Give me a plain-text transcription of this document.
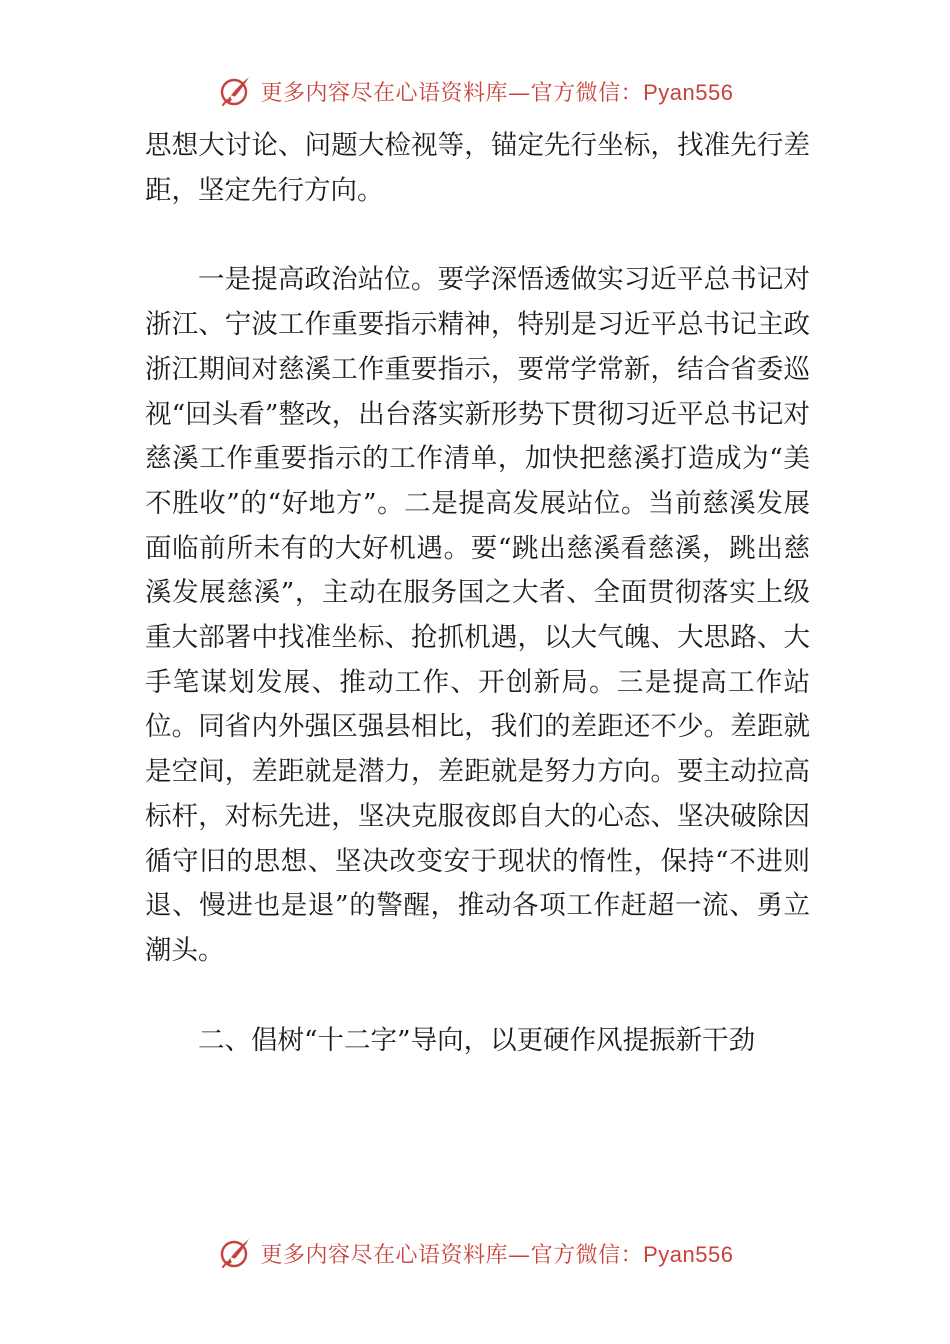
更多内容尽在心语资料库—官方微信：Pyan556

思想大讨论、问题大检视等，锚定先行坐标，找准先行差距，坚定先行方向。

一是提高政治站位。要学深悟透做实习近平总书记对浙江、宁波工作重要指示精神，特别是习近平总书记主政浙江期间对慈溪工作重要指示，要常学常新，结合省委巡视“回头看”整改，出台落实新形势下贯彻习近平总书记对慈溪工作重要指示的工作清单，加快把慈溪打造成为“美不胜收”的“好地方”。二是提高发展站位。当前慈溪发展面临前所未有的大好机遇。要“跳出慈溪看慈溪，跳出慈溪发展慈溪”，主动在服务国之大者、全面贯彻落实上级重大部署中找准坐标、抢抓机遇，以大气魄、大思路、大手笔谋划发展、推动工作、开创新局。三是提高工作站位。同省内外强区强县相比，我们的差距还不少。差距就是空间，差距就是潜力，差距就是努力方向。要主动拉高标杆，对标先进，坚决克服夜郎自大的心态、坚决破除因循守旧的思想、坚决改变安于现状的惰性，保持“不进则退、慢进也是退”的警醒，推动各项工作赶超一流、勇立潮头。

二、倡树“十二字”导向，以更硬作风提振新干劲

更多内容尽在心语资料库—官方微信：Pyan556
